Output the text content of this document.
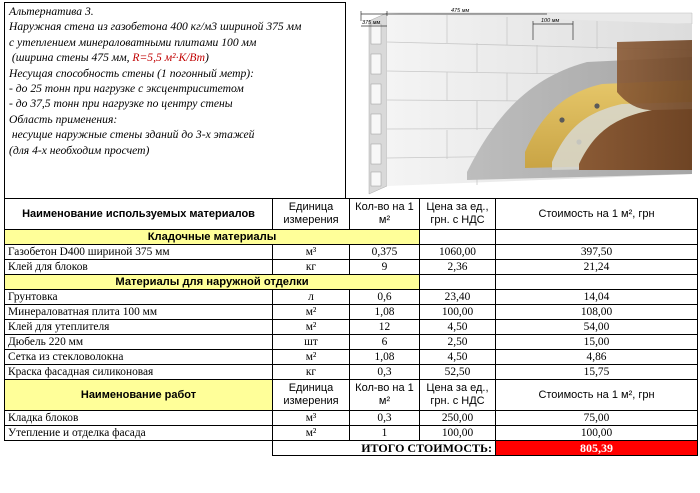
Альтернатива 3.
Наружная стена из газобетона 400 кг/м3 шириной 375 мм
с утеплением минераловатными плитами 100 мм
(ширина стены 475 мм, R=5,5 м²·К/Вт)
Несущая способность стены (1 погонный метр):
- до 25 тонн при нагрузке с эксцентриситетом
- до 37,5 тонн при нагрузке по центру стены
Область применения:
несущие наружные стены зданий до 3-х этажей
(для 4-х необходим просчет)
475 мм
375 мм	100 мм
Наименование используемых материалов	Единица измерения	Кол-во на 1 м²	Цена за ед., грн. с НДС	Стоимость на 1 м², грн
Кладочные материалы				
Газобетон D400 шириной 375 мм	м³	0,375	1060,00	397,50
Клей для блоков	кг	9	2,36	21,24
Материалы для наружной отделки				
Грунтовка	л	0,6	23,40	14,04
Минераловатная плита 100 мм	м²	1,08	100,00	108,00
Клей для утеплителя	м²	12	4,50	54,00
Дюбель 220 мм	шт	6	2,50	15,00
Сетка из стекловолокна	м²	1,08	4,50	4,86
Краска фасадная силиконовая	кг	0,3	52,50	15,75
Наименование работ	Единица измерения	Кол-во на 1 м²	Цена за ед., грн. с НДС	Стоимость на 1 м², грн
Кладка блоков	м³	0,3	250,00	75,00
Утепление и отделка фасада	м²	1	100,00	100,00
	ИТОГО СТОИМОСТЬ:			805,39
